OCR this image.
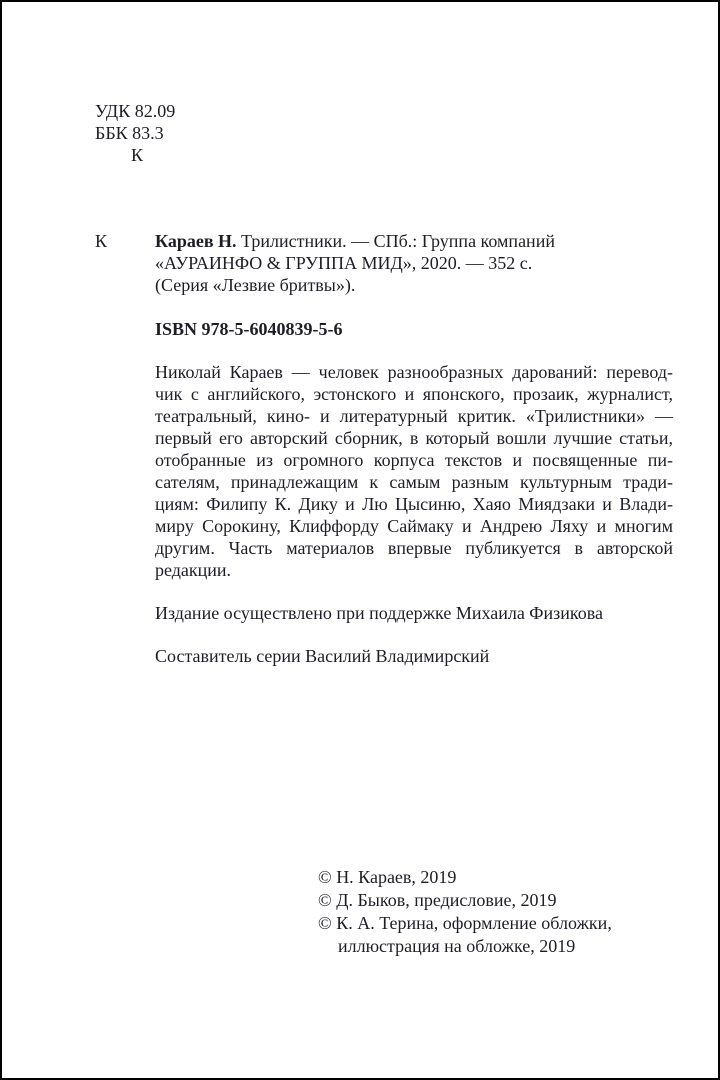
УДК 82.09
ББК 83.3
К
К	Караев Н. Трилистники. — СПб.: Группа компаний
«АУРАИНФО & ГРУППА МИД», 2020. — 352 с.
(Серия «Лезвие бритвы»).
ISBN 978-5-6040839-5-6
Николай Караев — человек разнообразных дарований: перевод-
чик с английского, эстонского и японского, прозаик, журналист,
театральный, кино- и литературный критик. «Трилистники» —
первый его авторский сборник, в который вошли лучшие статьи,
отобранные из огромного корпуса текстов и посвященные пи-
сателям, принадлежащим к самым разным культурным тради-
циям: Филипу К. Дику и Лю Цысиню, Хаяо Миядзаки и Влади-
миру Сорокину, Клиффорду Саймаку и Андрею Ляху и многим
другим. Часть материалов впервые публикуется в авторской
редакции.
Издание осуществлено при поддержке Михаила Физикова
Составитель серии Василий Владимирский
© Н. Караев, 2019
© Д. Быков, предисловие, 2019
© К. А. Терина, оформление обложки, иллюстрация на обложке, 2019
